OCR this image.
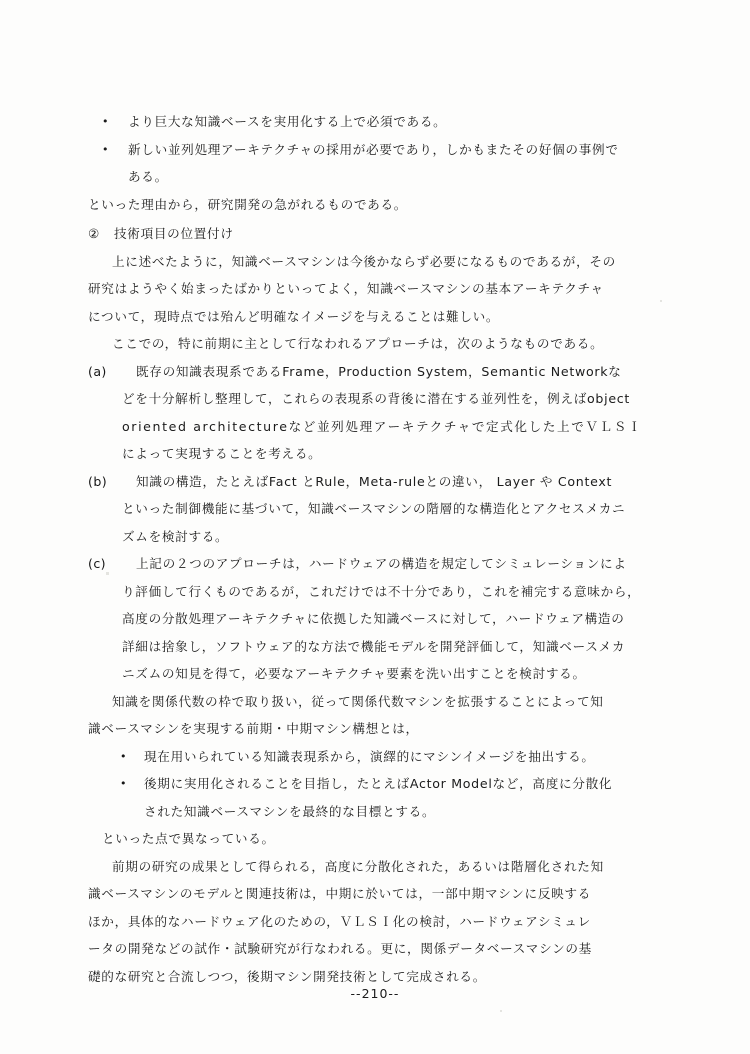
•	より巨大な知識ベースを実用化する上で必須である。
•	新しい並列処理アーキテクチャの採用が必要であり，しかもまたその好個の事例で
ある。
といった理由から，研究開発の急がれるものである。
②	技術項目の位置付け
上に述べたように，知識ベースマシンは今後かならず必要になるものであるが，その
研究はようやく始まったばかりといってよく，知識ベースマシンの基本アーキテクチャ
について，現時点では殆んど明確なイメージを与えることは難しい。
ここでの，特に前期に主として行なわれるアプローチは，次のようなものである。
(a)	既存の知識表現系であるFrame，Production System，Semantic Networkな
どを十分解析し整理して，これらの表現系の背後に潜在する並列性を，例えばobject
oriented architectureなど並列処理アーキテクチャで定式化した上でＶＬＳＩ
によって実現することを考える。
(b)	知識の構造，たとえばFact とRule，Meta-ruleとの違い， Layer や Context
といった制御機能に基づいて，知識ベースマシンの階層的な構造化とアクセスメカニ
ズムを検討する。
(c)	上記の２つのアプローチは，ハードウェアの構造を規定してシミュレーションによ
り評価して行くものであるが，これだけでは不十分であり，これを補完する意味から，
高度の分散処理アーキテクチャに依拠した知識ベースに対して，ハードウェア構造の
詳細は捨象し，ソフトウェア的な方法で機能モデルを開発評価して，知識ベースメカ
ニズムの知見を得て，必要なアーキテクチャ要素を洗い出すことを検討する。
知識を関係代数の枠で取り扱い，従って関係代数マシンを拡張することによって知
識ベースマシンを実現する前期・中期マシン構想とは，
•	現在用いられている知識表現系から，演繹的にマシンイメージを抽出する。
•	後期に実用化されることを目指し，たとえばActor Modelなど，高度に分散化
された知識ベースマシンを最終的な目標とする。
といった点で異なっている。
前期の研究の成果として得られる，高度に分散化された，あるいは階層化された知
識ベースマシンのモデルと関連技術は，中期に於いては，一部中期マシンに反映する
ほか，具体的なハードウェア化のための，ＶＬＳＩ化の検討，ハードウェアシミュレ
ータの開発などの試作・試験研究が行なわれる。更に，関係データベースマシンの基
礎的な研究と合流しつつ，後期マシン開発技術として完成される。
--210--
